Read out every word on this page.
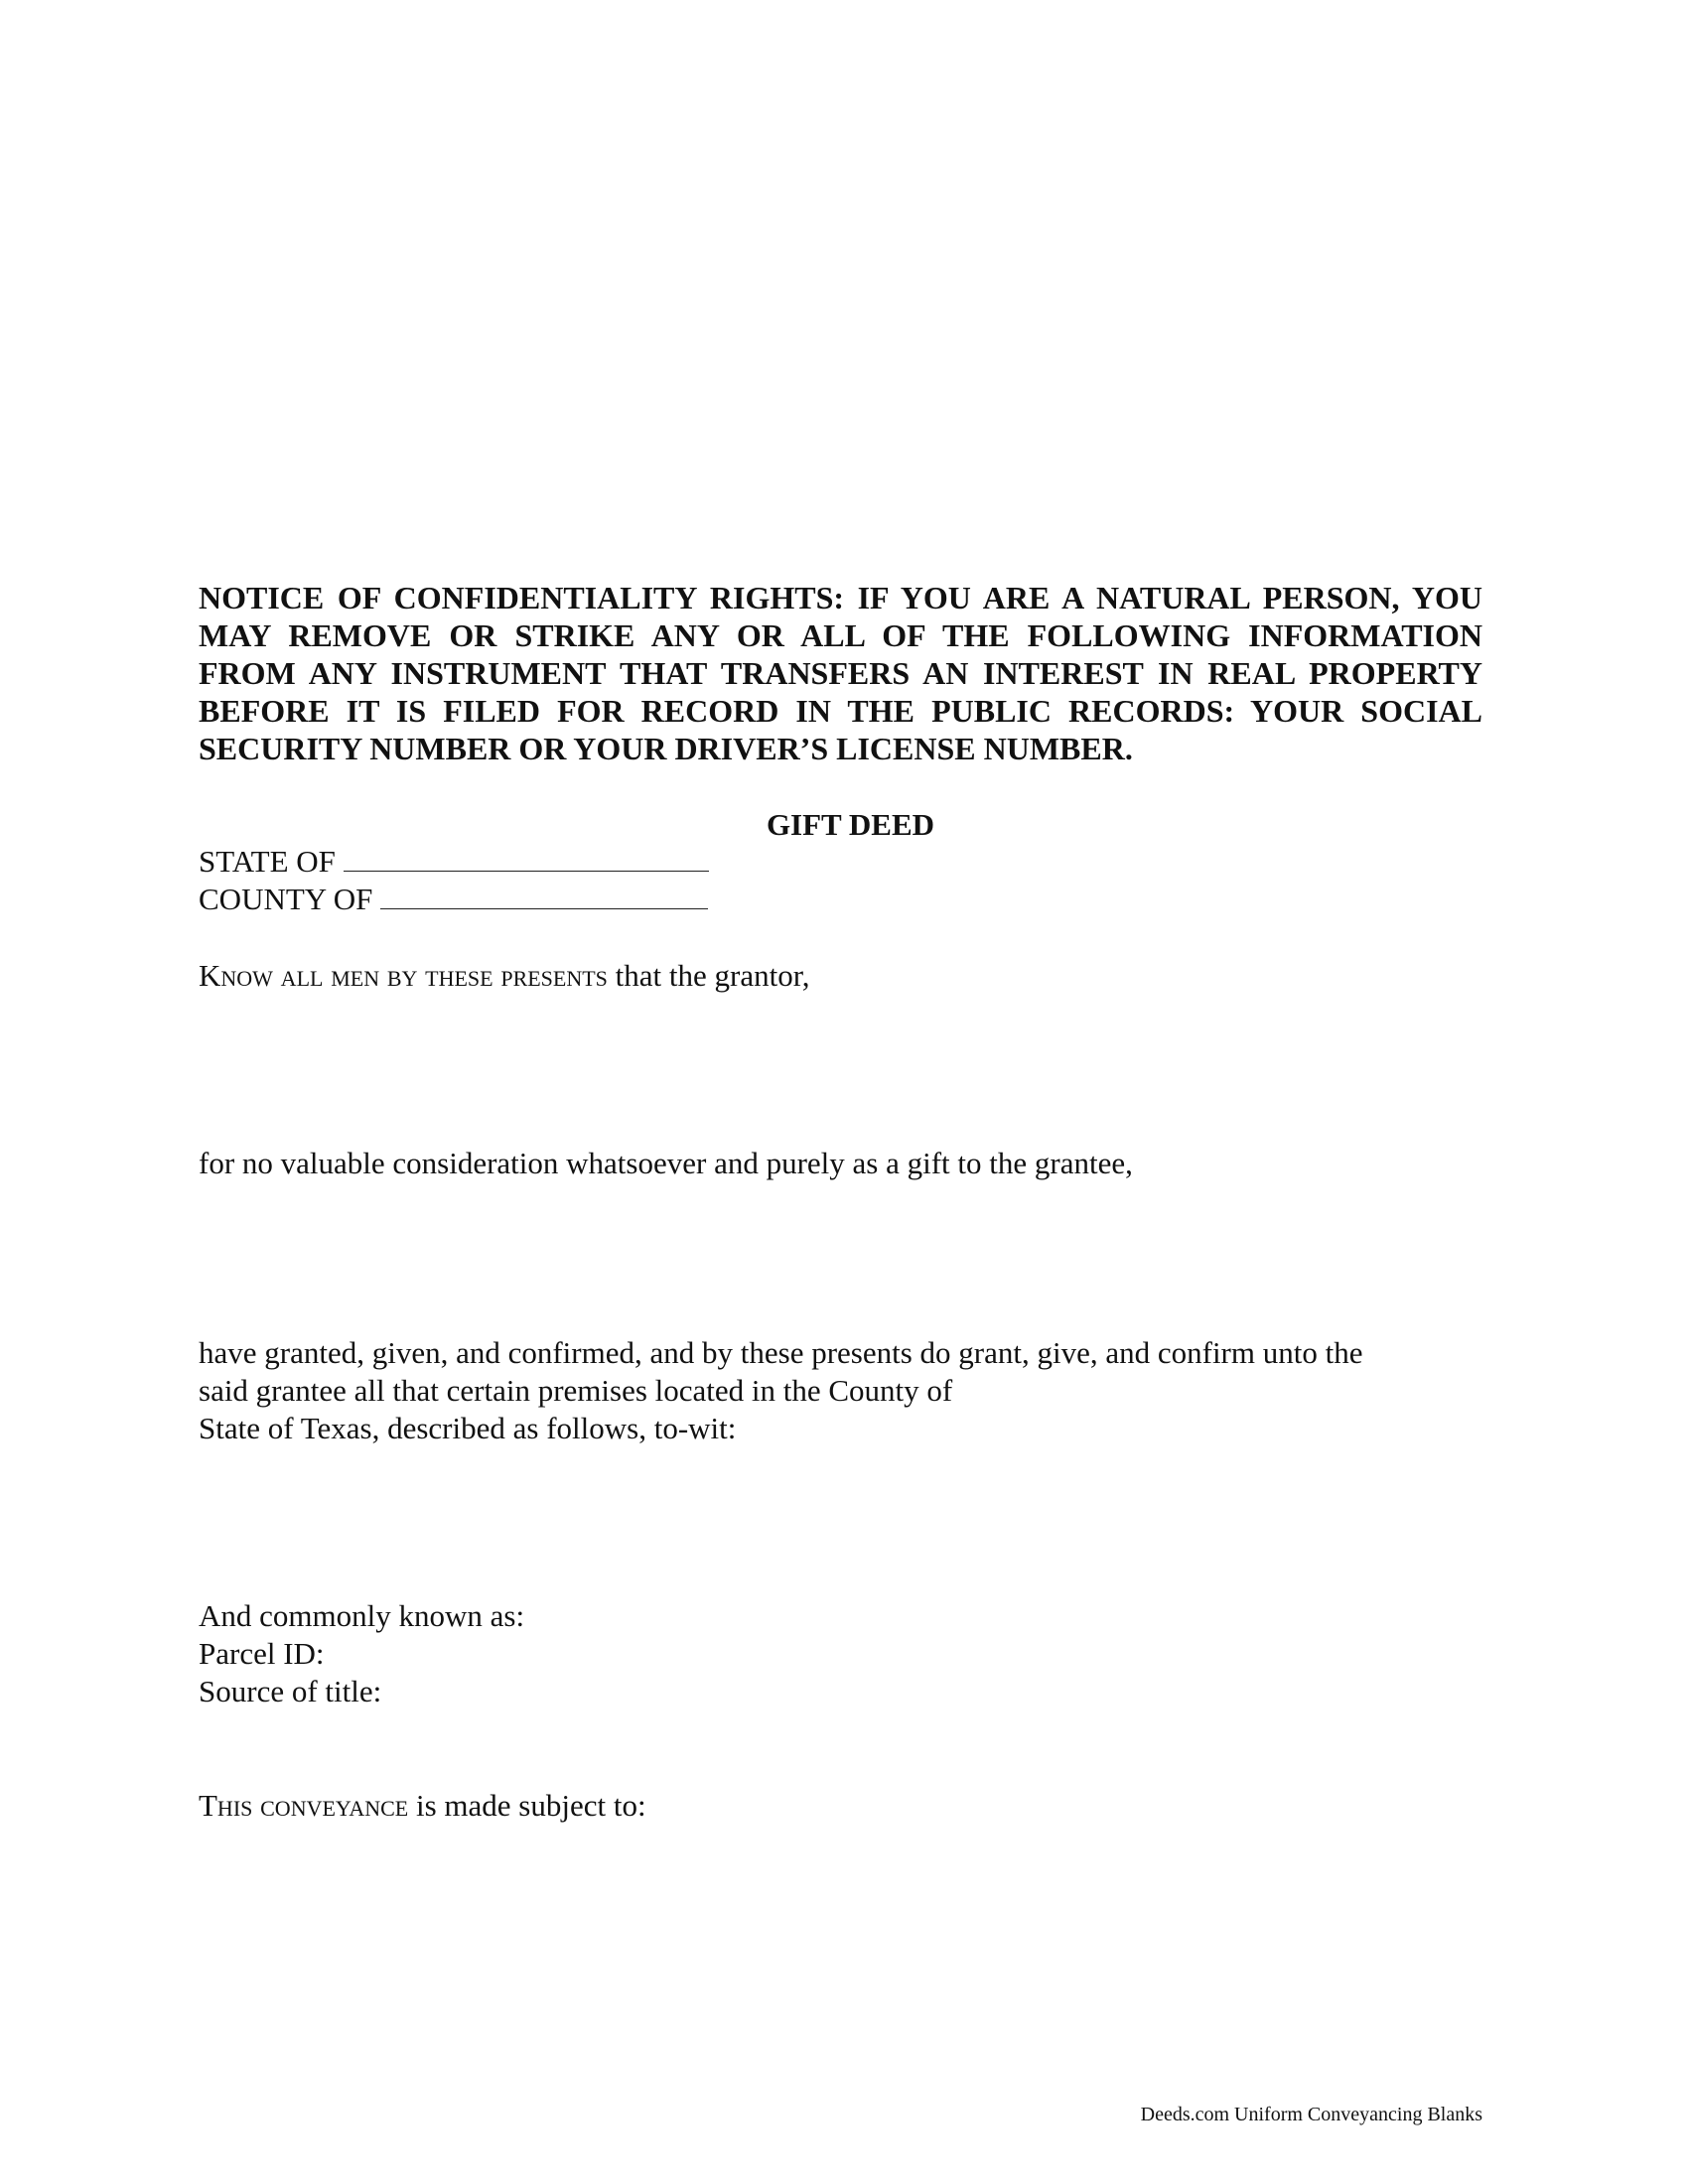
NOTICE OF CONFIDENTIALITY RIGHTS: IF YOU ARE A NATURAL PERSON, YOU MAY REMOVE OR STRIKE ANY OR ALL OF THE FOLLOWING INFORMATION FROM ANY INSTRUMENT THAT TRANSFERS AN INTEREST IN REAL PROPERTY BEFORE IT IS FILED FOR RECORD IN THE PUBLIC RECORDS: YOUR SOCIAL SECURITY NUMBER OR YOUR DRIVER’S LICENSE NUMBER.
GIFT DEED
STATE OF
COUNTY OF
Know all men by these presents that the grantor,
for no valuable consideration whatsoever and purely as a gift to the grantee,
have granted, given, and confirmed, and by these presents do grant, give, and confirm unto the
said grantee all that certain premises located in the County of
State of Texas, described as follows, to-wit:
And commonly known as:
Parcel ID:
Source of title:
This conveyance is made subject to:
Deeds.com Uniform Conveyancing Blanks
